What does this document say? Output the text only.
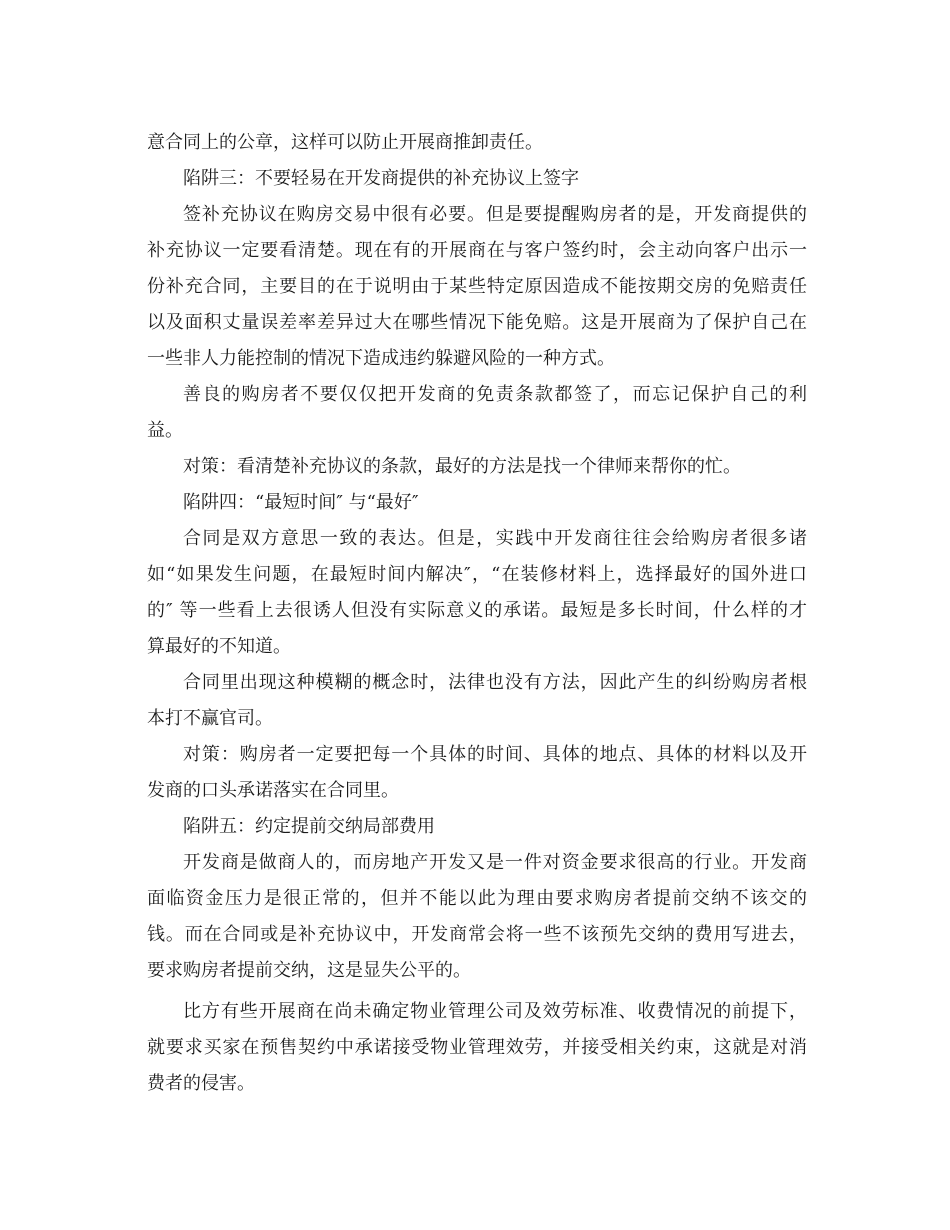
意合同上的公章，这样可以防止开展商推卸责任。
陷阱三：不要轻易在开发商提供的补充协议上签字
签补充协议在购房交易中很有必要。但是要提醒购房者的是，开发商提供的
补充协议一定要看清楚。现在有的开展商在与客户签约时，会主动向客户出示一
份补充合同，主要目的在于说明由于某些特定原因造成不能按期交房的免赔责任
以及面积丈量误差率差异过大在哪些情况下能免赔。这是开展商为了保护自己在
一些非人力能控制的情况下造成违约躲避风险的一种方式。
善良的购房者不要仅仅把开发商的免责条款都签了，而忘记保护自己的利
益。
对策：看清楚补充协议的条款，最好的方法是找一个律师来帮你的忙。
陷阱四：“最短时间″ 与“最好″
合同是双方意思一致的表达。但是，实践中开发商往往会给购房者很多诸
如“如果发生问题，在最短时间内解决″，“在装修材料上，选择最好的国外进口
的″ 等一些看上去很诱人但没有实际意义的承诺。最短是多长时间，什么样的才
算最好的不知道。
合同里出现这种模糊的概念时，法律也没有方法，因此产生的纠纷购房者根
本打不赢官司。
对策：购房者一定要把每一个具体的时间、具体的地点、具体的材料以及开
发商的口头承诺落实在合同里。
陷阱五：约定提前交纳局部费用
开发商是做商人的，而房地产开发又是一件对资金要求很高的行业。开发商
面临资金压力是很正常的，但并不能以此为理由要求购房者提前交纳不该交的
钱。而在合同或是补充协议中，开发商常会将一些不该预先交纳的费用写进去，
要求购房者提前交纳，这是显失公平的。
比方有些开展商在尚未确定物业管理公司及效劳标准、收费情况的前提下，
就要求买家在预售契约中承诺接受物业管理效劳，并接受相关约束，这就是对消
费者的侵害。
